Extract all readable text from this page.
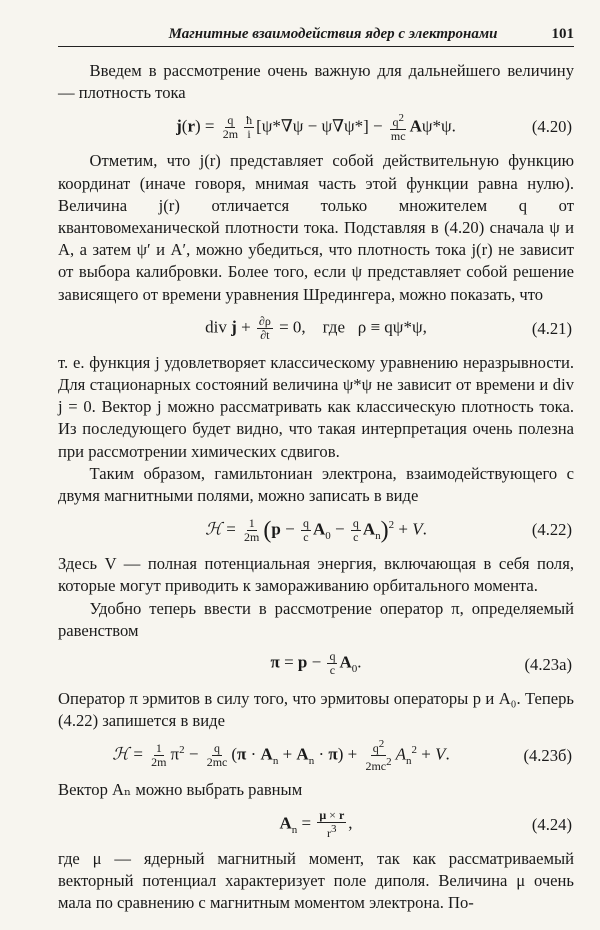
Магнитные взаимодействия ядер с электронами	101

Введем в рассмотрение очень важную для дальнейшего величину — плотность тока

$j(r) = \frac{q}{2m} \frac{ħ}{i} [\psi*\nabla\psi - \psi\nabla\psi*] - \frac{q^2}{mc} A\psi*\psi$.	(4.20)

Отметим, что j(r) представляет собой действительную функцию координат (иначе говоря, мнимая часть этой функции равна нулю). Величина j(r) отличается только множителем q от квантовомеханической плотности тока. Подставляя в (4.20) сначала ψ и A, а затем ψ′ и A′, можно убедиться, что плотность тока j(r) не зависит от выбора калибровки. Более того, если ψ представляет собой решение зависящего от времени уравнения Шредингера, можно показать, что

div $j + \frac{\partial\rho}{\partial t} = 0$,    где   ρ ≡ qψ*ψ,	(4.21)

т. е. функция j удовлетворяет классическому уравнению неразрывности. Для стационарных состояний величина ψ*ψ не зависит от времени и div j = 0. Вектор j можно рассматривать как классическую плотность тока. Из последующего будет видно, что такая интерпретация очень полезна при рассмотрении химических сдвигов.

Таким образом, гамильтониан электрона, взаимодействующего с двумя магнитными полями, можно записать в виде

ℋ = $\frac{1}{2m} (p - \frac{q}{c} A_0 - \frac{q}{c} A_n)^2 + V$.	(4.22)

Здесь V — полная потенциальная энергия, включающая в себя поля, которые могут приводить к замораживанию орбитального момента.

Удобно теперь ввести в рассмотрение оператор π, определяемый равенством

$\pi = p - \frac{q}{c} A_0$.	(4.23а)

Оператор π эрмитов в силу того, что эрмитовы операторы p и A₀. Теперь (4.22) запишется в виде

ℋ = $\frac{1}{2m} \pi^2 - \frac{q}{2mc} (\pi \cdot A_n + A_n \cdot \pi) + \frac{q^2}{2mc^2} A_n^2 + V$.	(4.23б)

Вектор Aₙ можно выбрать равным

$A_n = \frac{\mu \times r}{r^3}$ ,	(4.24)

где μ — ядерный магнитный момент, так как рассматриваемый векторный потенциал характеризует поле диполя. Величина μ очень мала по сравнению с магнитным моментом электрона. По-
